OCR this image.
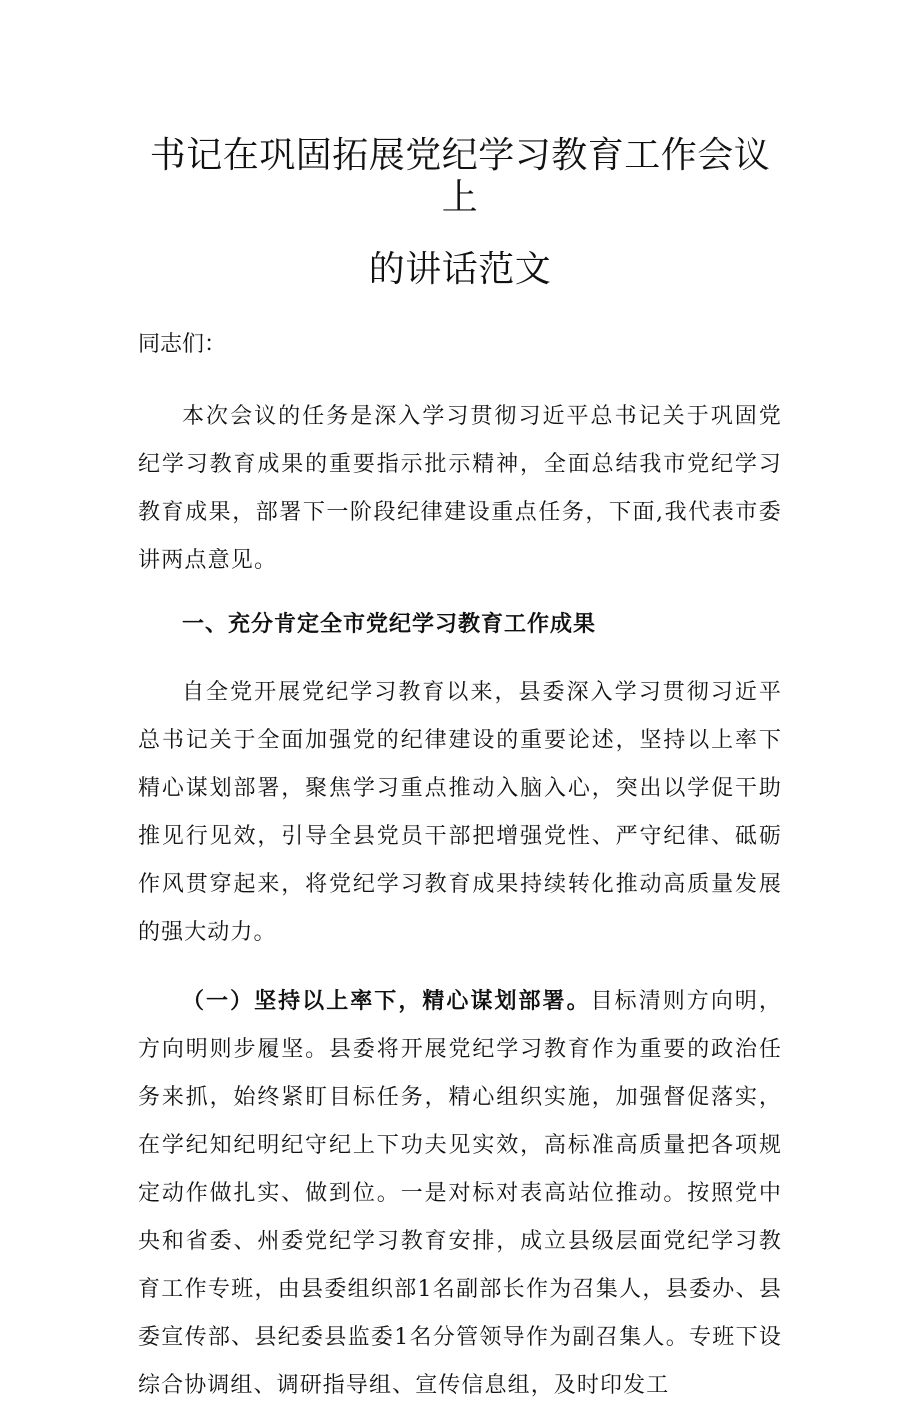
书记在巩固拓展党纪学习教育工作会议上
的讲话范文
同志们：

本次会议的任务是深入学习贯彻习近平总书记关于巩固党纪学习教育成果的重要指示批示精神，全面总结我市党纪学习教育成果，部署下一阶段纪律建设重点任务，下面,我代表市委讲两点意见。

一、充分肯定全市党纪学习教育工作成果

自全党开展党纪学习教育以来，县委深入学习贯彻习近平总书记关于全面加强党的纪律建设的重要论述，坚持以上率下精心谋划部署，聚焦学习重点推动入脑入心，突出以学促干助推见行见效，引导全县党员干部把增强党性、严守纪律、砥砺作风贯穿起来，将党纪学习教育成果持续转化推动高质量发展的强大动力。

（一）坚持以上率下，精心谋划部署。目标清则方向明，方向明则步履坚。县委将开展党纪学习教育作为重要的政治任务来抓，始终紧盯目标任务，精心组织实施，加强督促落实，在学纪知纪明纪守纪上下功夫见实效，高标准高质量把各项规定动作做扎实、做到位。一是对标对表高站位推动。按照党中央和省委、州委党纪学习教育安排，成立县级层面党纪学习教育工作专班，由县委组织部1名副部长作为召集人，县委办、县委宣传部、县纪委县监委1名分管领导作为副召集人。专班下设综合协调组、调研指导组、宣传信息组，及时印发工
